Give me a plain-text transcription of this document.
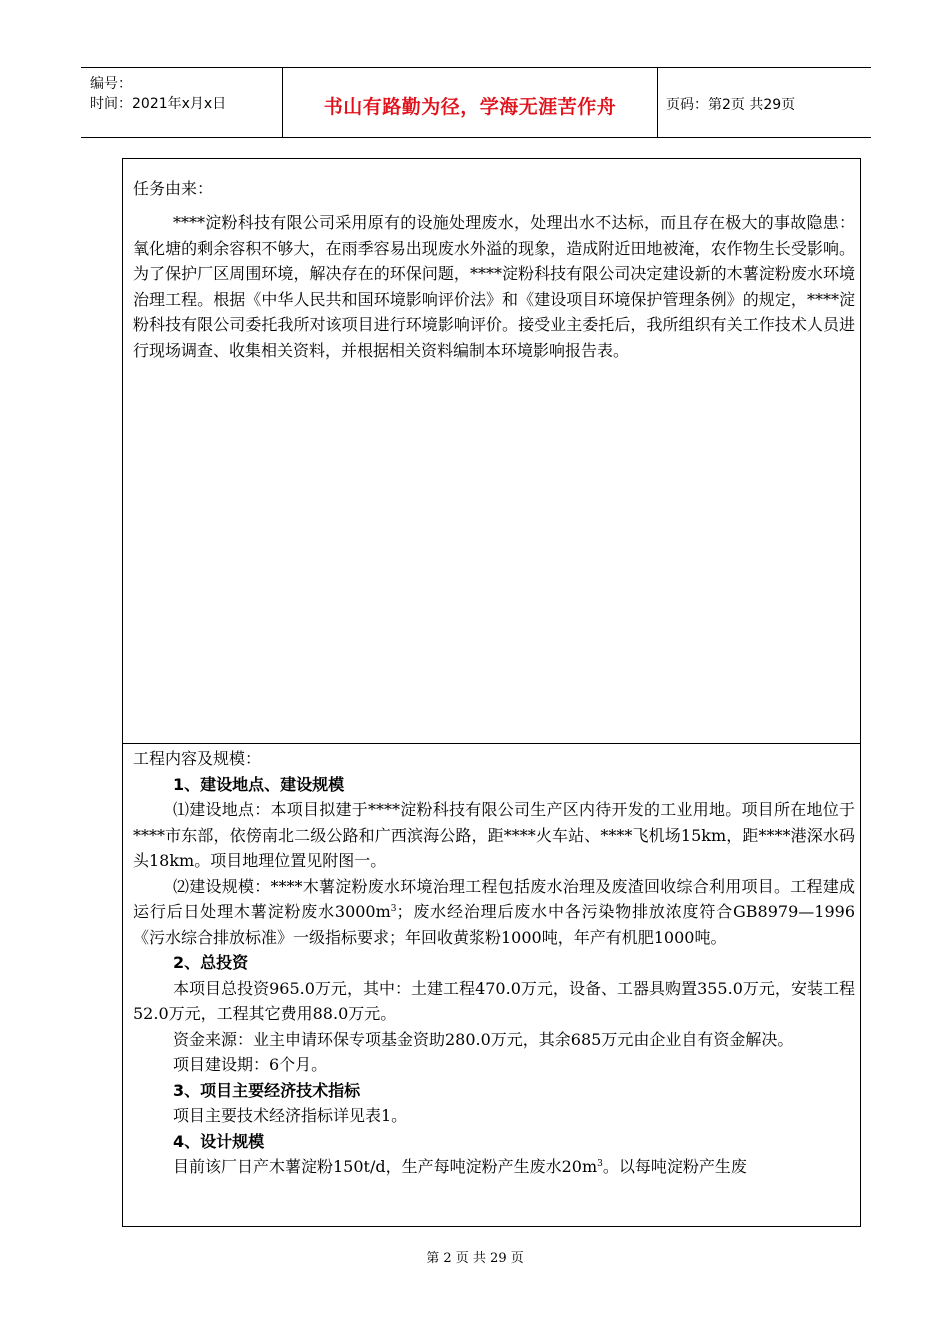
编号：
时间：2021年x月x日	书山有路勤为径，学海无涯苦作舟	页码：第2页 共29页
任务由来：

****淀粉科技有限公司采用原有的设施处理废水，处理出水不达标，而且存在极大的事故隐患：氧化塘的剩余容积不够大，在雨季容易出现废水外溢的现象，造成附近田地被淹，农作物生长受影响。为了保护厂区周围环境，解决存在的环保问题，****淀粉科技有限公司决定建设新的木薯淀粉废水环境治理工程。根据《中华人民共和国环境影响评价法》和《建设项目环境保护管理条例》的规定，****淀粉科技有限公司委托我所对该项目进行环境影响评价。接受业主委托后，我所组织有关工作技术人员进行现场调查、收集相关资料，并根据相关资料编制本环境影响报告表。

工程内容及规模：

1、建设地点、建设规模

⑴建设地点：本项目拟建于****淀粉科技有限公司生产区内待开发的工业用地。项目所在地位于****市东部，依傍南北二级公路和广西滨海公路，距****火车站、****飞机场15km，距****港深水码头18km。项目地理位置见附图一。

⑵建设规模：****木薯淀粉废水环境治理工程包括废水治理及废渣回收综合利用项目。工程建成运行后日处理木薯淀粉废水$3000m^3$；废水经治理后废水中各污染物排放浓度符合GB8979—1996《污水综合排放标准》一级指标要求；年回收黄浆粉1000吨，年产有机肥1000吨。

2、总投资

本项目总投资965.0万元，其中：土建工程470.0万元，设备、工器具购置355.0万元，安装工程52.0万元，工程其它费用88.0万元。

资金来源：业主申请环保专项基金资助280.0万元，其余685万元由企业自有资金解决。

项目建设期：6个月。

3、项目主要经济技术指标

项目主要技术经济指标详见表1。

4、设计规模

目前该厂日产木薯淀粉150t/d，生产每吨淀粉产生废水$20m^3$。以每吨淀粉产生废

第 2 页 共 29 页
